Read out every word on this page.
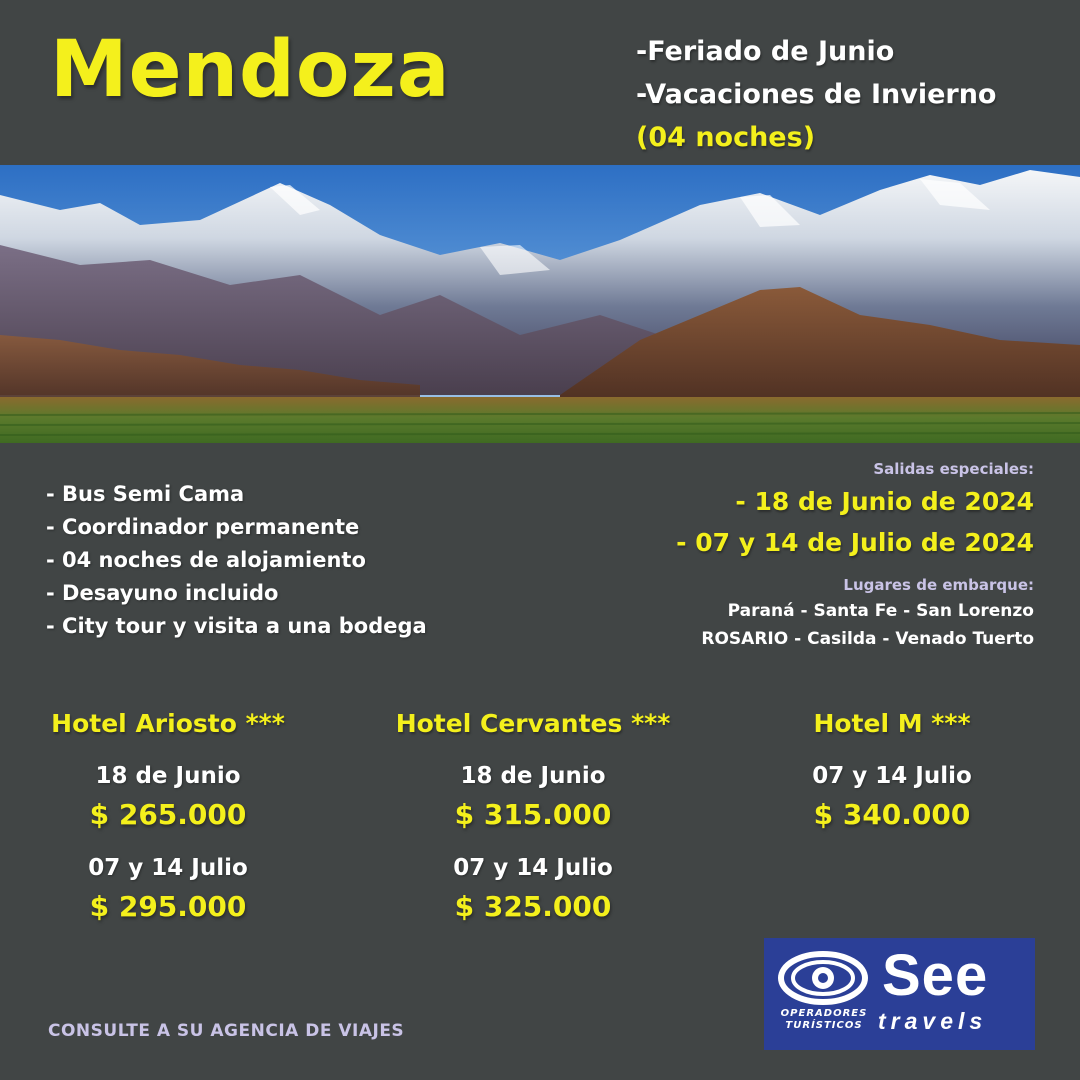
Mendoza	-Feriado de Junio
-Vacaciones de Invierno
(04 noches)
- Bus Semi Cama
- Coordinador permanente
- 04 noches de alojamiento
- Desayuno incluido
- City tour y visita a una bodega
Salidas especiales:
- 18 de Junio de 2024
- 07 y 14 de Julio de 2024
Lugares de embarque:
Paraná - Santa Fe - San Lorenzo
ROSARIO - Casilda - Venado Tuerto
Hotel Ariosto ***
18 de Junio
$ 265.000
07 y 14 Julio
$ 295.000
Hotel Cervantes ***
18 de Junio
$ 315.000
07 y 14 Julio
$ 325.000
Hotel M ***
07 y 14 Julio
$ 340.000
CONSULTE A SU AGENCIA DE VIAJES
See
travels
OPERADORES
TURÍSTICOS
